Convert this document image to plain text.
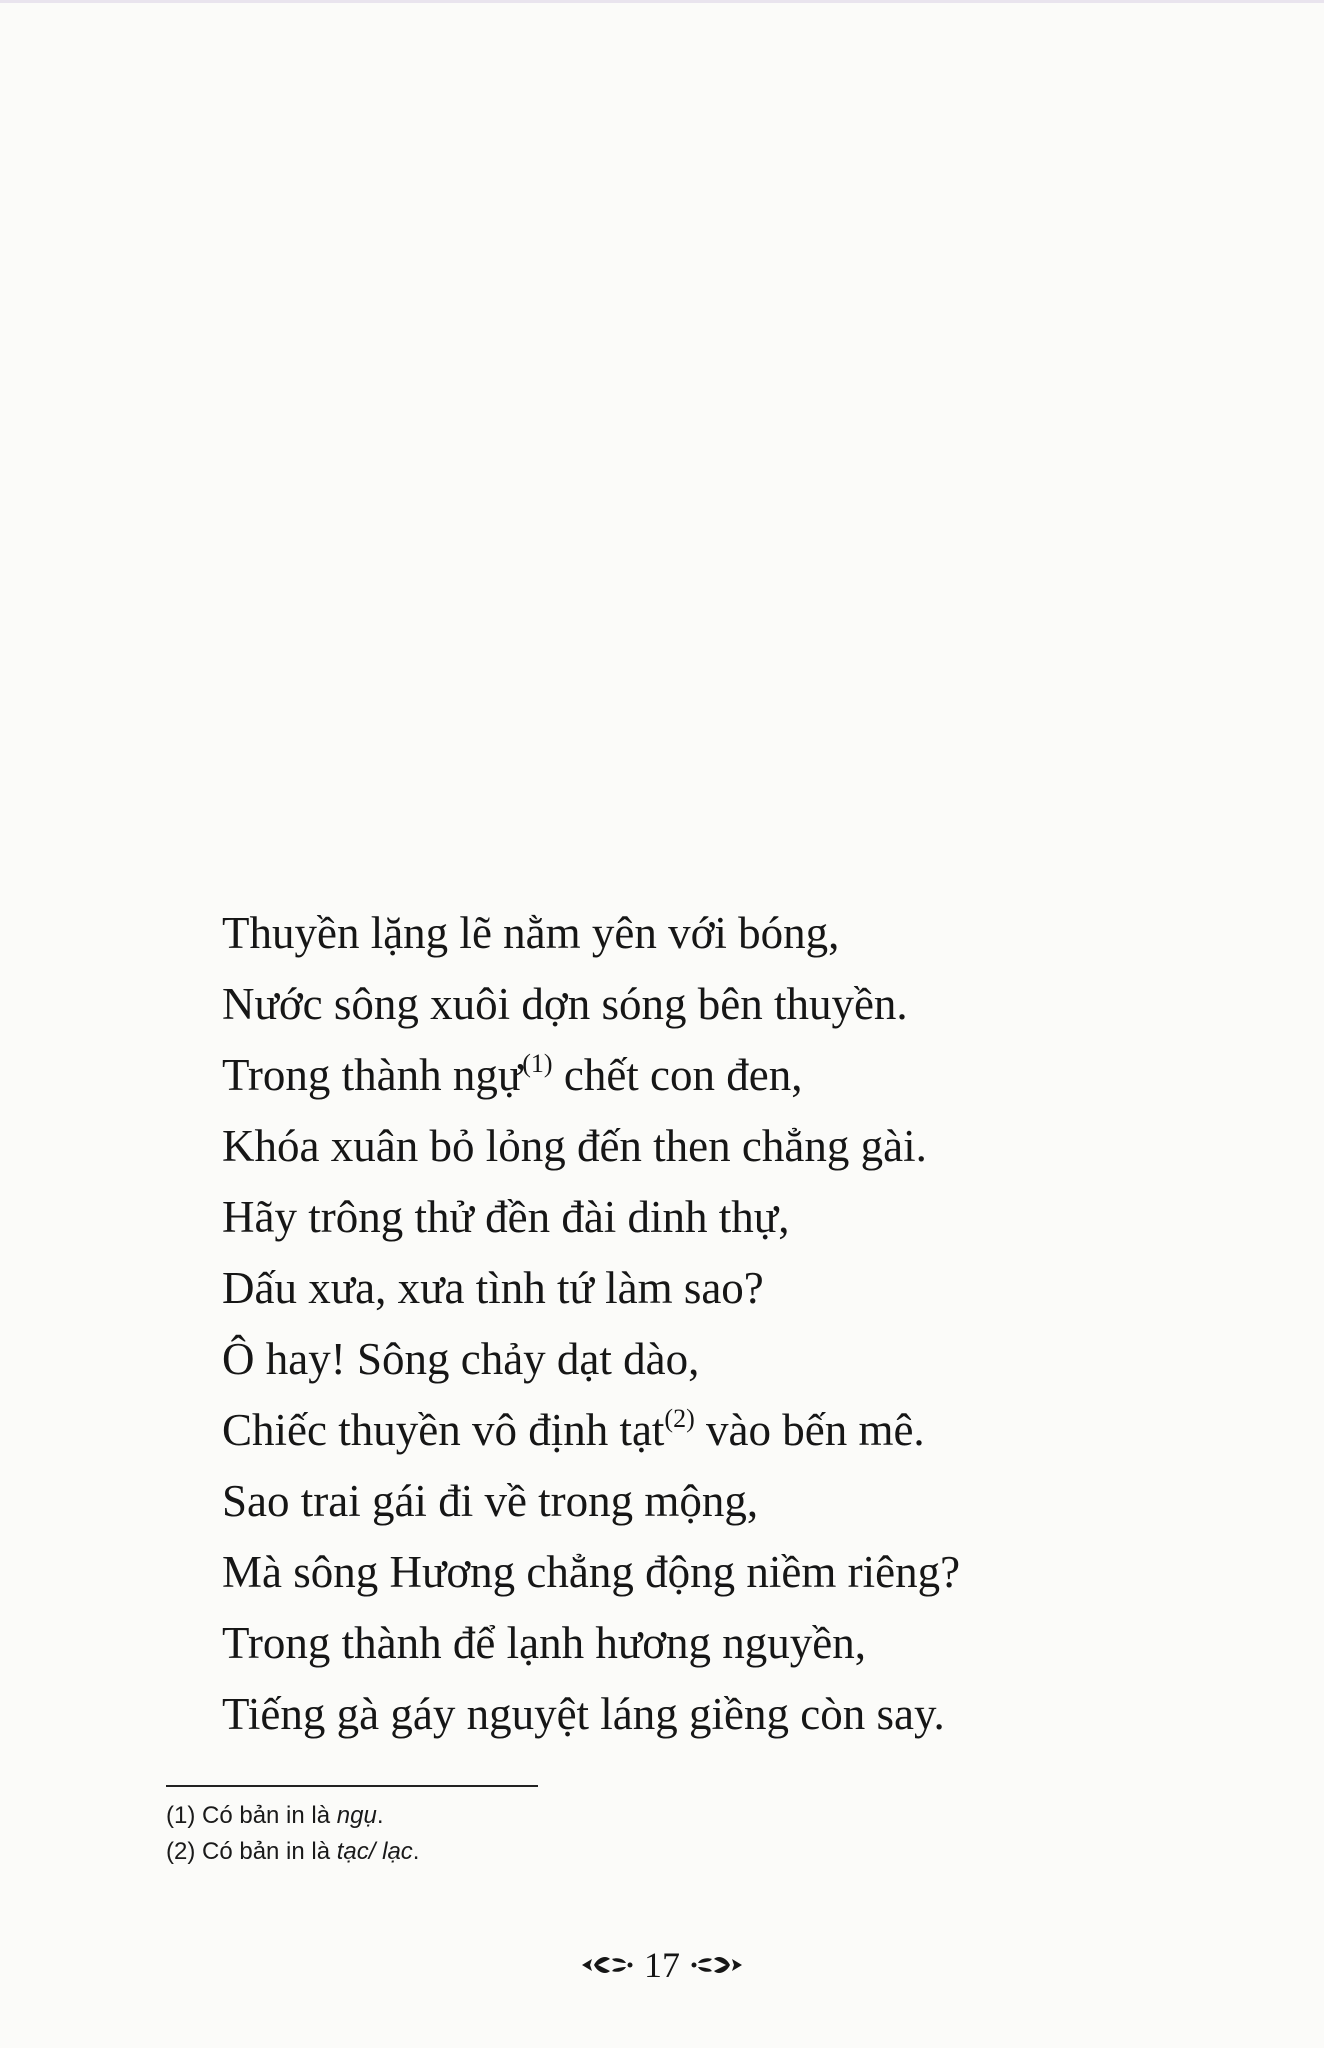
Thuyền lặng lẽ nằm yên với bóng,
Nước sông xuôi dợn sóng bên thuyền.
Trong thành ngự$^{(1)}$ chết con đen,
Khóa xuân bỏ lỏng đến then chẳng gài.
Hãy trông thử đền đài dinh thự,
Dấu xưa, xưa tình tứ làm sao?
Ô hay! Sông chảy dạt dào,
Chiếc thuyền vô định tạt$^{(2)}$ vào bến mê.
Sao trai gái đi về trong mộng,
Mà sông Hương chẳng động niềm riêng?
Trong thành để lạnh hương nguyền,
Tiếng gà gáy nguyệt láng giềng còn say.
(1) Có bản in là ngụ.
(2) Có bản in là tạc/ lạc.
17
